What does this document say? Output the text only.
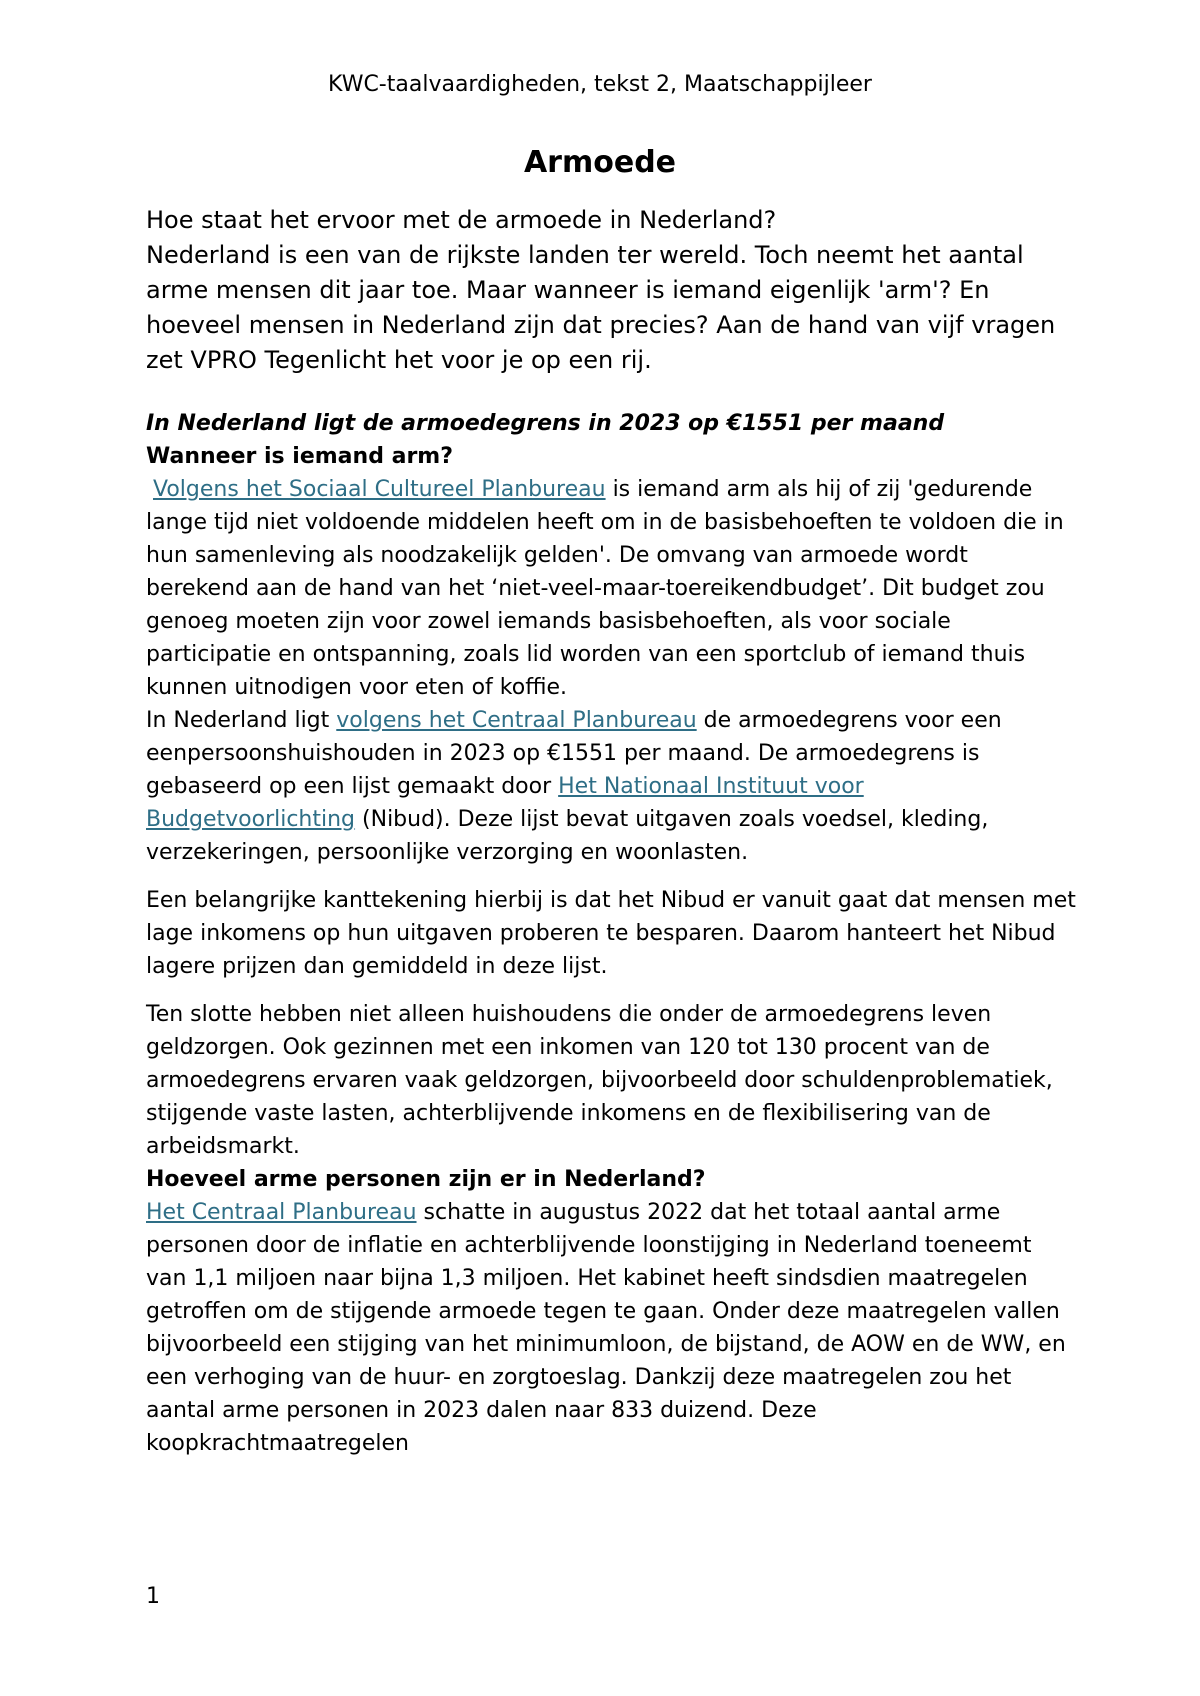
KWC-taalvaardigheden, tekst 2, Maatschappijleer
Armoede

Hoe staat het ervoor met de armoede in Nederland?

Nederland is een van de rijkste landen ter wereld. Toch neemt het aantal arme mensen dit jaar toe. Maar wanneer is iemand eigenlijk 'arm'? En hoeveel mensen in Nederland zijn dat precies? Aan de hand van vijf vragen zet VPRO Tegenlicht het voor je op een rij.

In Nederland ligt de armoedegrens in 2023 op €1551 per maand

Wanneer is iemand arm?

Volgens het Sociaal Cultureel Planbureau is iemand arm als hij of zij 'gedurende lange tijd niet voldoende middelen heeft om in de basisbehoeften te voldoen die in hun samenleving als noodzakelijk gelden'. De omvang van armoede wordt berekend aan de hand van het ‘niet-veel-maar-toereikendbudget’. Dit budget zou genoeg moeten zijn voor zowel iemands basisbehoeften, als voor sociale participatie en ontspanning, zoals lid worden van een sportclub of iemand thuis kunnen uitnodigen voor eten of koffie.

In Nederland ligt volgens het Centraal Planbureau de armoedegrens voor een eenpersoonshuishouden in 2023 op €1551 per maand. De armoedegrens is gebaseerd op een lijst gemaakt door Het Nationaal Instituut voor Budgetvoorlichting (Nibud). Deze lijst bevat uitgaven zoals voedsel, kleding, verzekeringen, persoonlijke verzorging en woonlasten.

Een belangrijke kanttekening hierbij is dat het Nibud er vanuit gaat dat mensen met lage inkomens op hun uitgaven proberen te besparen. Daarom hanteert het Nibud lagere prijzen dan gemiddeld in deze lijst.

Ten slotte hebben niet alleen huishoudens die onder de armoedegrens leven geldzorgen. Ook gezinnen met een inkomen van 120 tot 130 procent van de armoedegrens ervaren vaak geldzorgen, bijvoorbeeld door schuldenproblematiek, stijgende vaste lasten, achterblijvende inkomens en de flexibilisering van de arbeidsmarkt.

Hoeveel arme personen zijn er in Nederland?

Het Centraal Planbureau schatte in augustus 2022 dat het totaal aantal arme personen door de inflatie en achterblijvende loonstijging in Nederland toeneemt van 1,1 miljoen naar bijna 1,3 miljoen. Het kabinet heeft sindsdien maatregelen getroffen om de stijgende armoede tegen te gaan. Onder deze maatregelen vallen bijvoorbeeld een stijging van het minimumloon, de bijstand, de AOW en de WW, en een verhoging van de huur- en zorgtoeslag. Dankzij deze maatregelen zou het aantal arme personen in 2023 dalen naar 833 duizend. Deze koopkrachtmaatregelen

1
